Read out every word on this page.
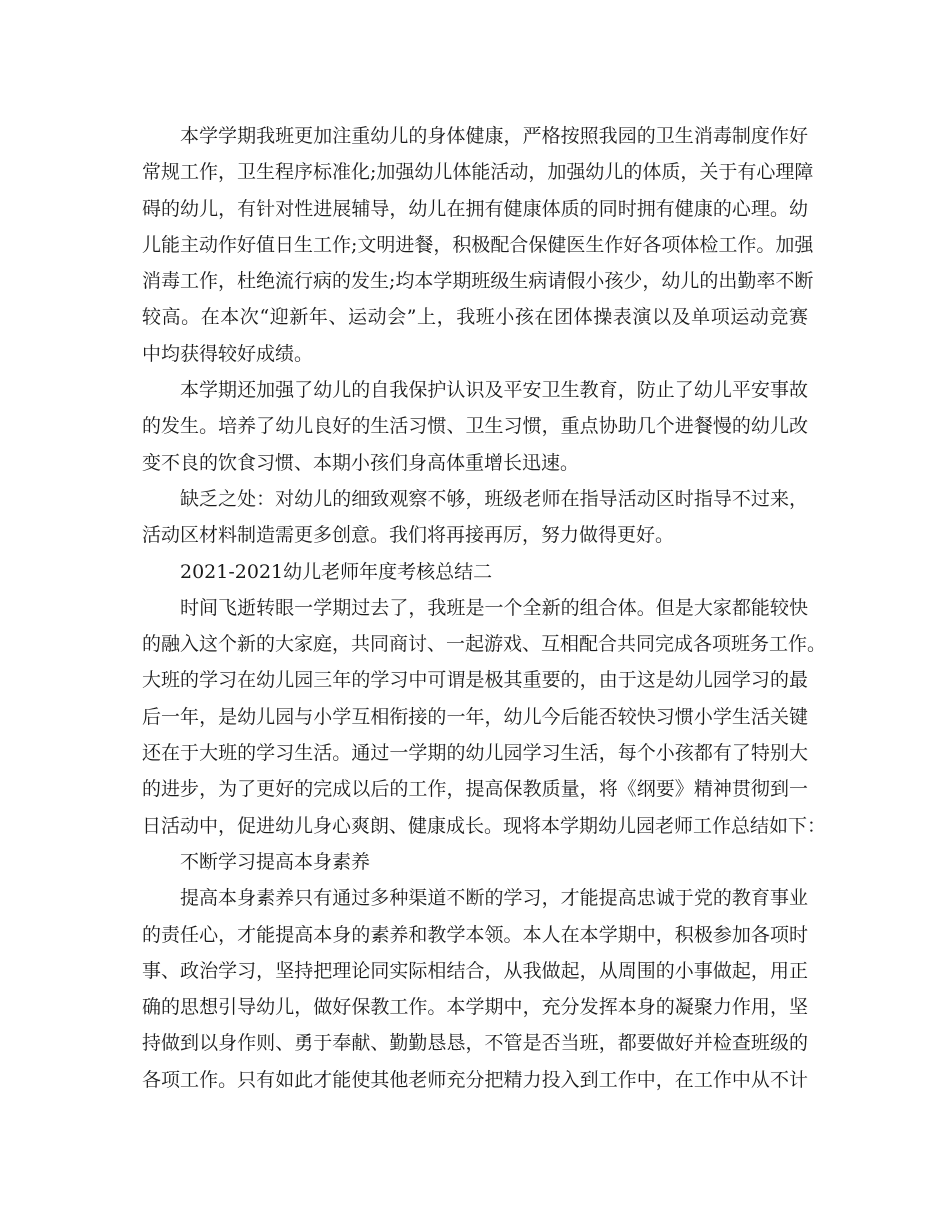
本学学期我班更加注重幼儿的身体健康，严格按照我园的卫生消毒制度作好
常规工作，卫生程序标准化;加强幼儿体能活动，加强幼儿的体质，关于有心理障
碍的幼儿，有针对性进展辅导，幼儿在拥有健康体质的同时拥有健康的心理。幼
儿能主动作好值日生工作;文明进餐，积极配合保健医生作好各项体检工作。加强
消毒工作，杜绝流行病的发生;均本学期班级生病请假小孩少，幼儿的出勤率不断
较高。在本次“迎新年、运动会”上，我班小孩在团体操表演以及单项运动竞赛
中均获得较好成绩。
本学期还加强了幼儿的自我保护认识及平安卫生教育，防止了幼儿平安事故
的发生。培养了幼儿良好的生活习惯、卫生习惯，重点协助几个进餐慢的幼儿改
变不良的饮食习惯、本期小孩们身高体重增长迅速。
缺乏之处：对幼儿的细致观察不够，班级老师在指导活动区时指导不过来，
活动区材料制造需更多创意。我们将再接再厉，努力做得更好。
2021-2021幼儿老师年度考核总结二
时间飞逝转眼一学期过去了，我班是一个全新的组合体。但是大家都能较快
的融入这个新的大家庭，共同商讨、一起游戏、互相配合共同完成各项班务工作。
大班的学习在幼儿园三年的学习中可谓是极其重要的，由于这是幼儿园学习的最
后一年，是幼儿园与小学互相衔接的一年，幼儿今后能否较快习惯小学生活关键
还在于大班的学习生活。通过一学期的幼儿园学习生活，每个小孩都有了特别大
的进步，为了更好的完成以后的工作，提高保教质量，将《纲要》精神贯彻到一
日活动中，促进幼儿身心爽朗、健康成长。现将本学期幼儿园老师工作总结如下：
不断学习提高本身素养
提高本身素养只有通过多种渠道不断的学习，才能提高忠诚于党的教育事业
的责任心，才能提高本身的素养和教学本领。本人在本学期中，积极参加各项时
事、政治学习，坚持把理论同实际相结合，从我做起，从周围的小事做起，用正
确的思想引导幼儿，做好保教工作。本学期中，充分发挥本身的凝聚力作用，坚
持做到以身作则、勇于奉献、勤勤恳恳，不管是否当班，都要做好并检查班级的
各项工作。只有如此才能使其他老师充分把精力投入到工作中，在工作中从不计
